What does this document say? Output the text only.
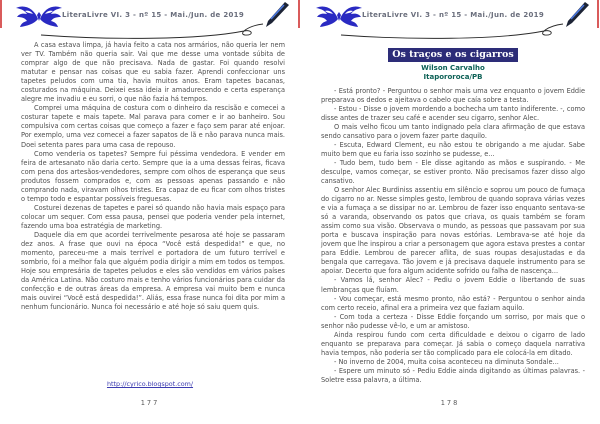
LiteraLivre VI. 3 - nº 15 - Mai./Jun. de 2019

A casa estava limpa, já havia feito a cata nos armários, não queria ler nem ver TV. Também não queria sair. Vai que me desse uma vontade súbita de comprar algo de que não precisava. Nada de gastar. Foi quando resolvi matutar e pensar nas coisas que eu sabia fazer. Aprendi confeccionar uns tapetes peludos com uma tia, havia muitos anos. Eram tapetes bacanas, costurados na máquina. Deixei essa ideia ir amadurecendo e certa esperança alegre me invadiu e eu sorri, o que não fazia há tempos.

Comprei uma máquina de costura com o dinheiro da rescisão e comecei a costurar tapete e mais tapete. Mal parava para comer e ir ao banheiro. Sou compulsiva com certas coisas que começo a fazer e faço sem parar até enjoar. Por exemplo, uma vez comecei a fazer sapatos de lã e não parava nunca mais. Doei setenta pares para uma casa de repouso.

Como venderia os tapetes? Sempre fui péssima vendedora. E vender em feira de artesanato não daria certo. Sempre que ia a uma dessas feiras, ficava com pena dos artesãos-vendedores, sempre com olhos de esperança que seus produtos fossem comprados e, com as pessoas apenas passando e não comprando nada, viravam olhos tristes. Era capaz de eu ficar com olhos tristes o tempo todo e espantar possíveis freguesas.

Costurei dezenas de tapetes e parei só quando não havia mais espaço para colocar um sequer. Com essa pausa, pensei que poderia vender pela internet, fazendo uma boa estratégia de marketing.

Daquele dia em que acordei terrivelmente pesarosa até hoje se passaram dez anos. A frase que ouvi na época “Você está despedida!” e que, no momento, pareceu-me a mais terrível e portadora de um futuro terrível e sombrio, foi a melhor fala que alguém podia dirigir a mim em todos os tempos. Hoje sou empresária de tapetes peludos e eles são vendidos em vários países da América Latina. Não costuro mais e tenho vários funcionários para cuidar da confecção e de outras áreas da empresa. A empresa vai muito bem e nunca mais ouvirei “Você está despedida!”. Aliás, essa frase nunca foi dita por mim a nenhum funcionário. Nunca foi necessário e até hoje só saiu quem quis.

http://cyrico.blogspot.com/
177
LiteraLivre VI. 3 - nº 15 - Mai./Jun. de 2019
Os traços e os cigarros
Wilson Carvalho
Itapororoca/PB

- Está pronto? - Perguntou o senhor mais uma vez enquanto o jovem Eddie preparava os dedos e ajeitava o cabelo que caía sobre a testa.

- Estou - Disse o jovem mordendo a bochecha um tanto indiferente. -, como disse antes de trazer seu café e acender seu cigarro, senhor Alec.

O mais velho ficou um tanto indignado pela clara afirmação de que estava sendo cansativo para o jovem fazer parte daquilo.

- Escuta, Edward Clement, eu não estou te obrigando a me ajudar. Sabe muito bem que eu faria isso sozinho se pudesse, e...

- Tudo bem, tudo bem - Ele disse agitando as mãos e suspirando. - Me desculpe, vamos começar, se estiver pronto. Não precisamos fazer disso algo cansativo.

O senhor Alec Burdiniss assentiu em silêncio e soprou um pouco de fumaça do cigarro no ar. Nesse simples gesto, lembrou de quando soprava várias vezes e via a fumaça a se dissipar no ar. Lembrou de fazer isso enquanto sentava-se só a varanda, observando os patos que criava, os quais também se foram assim como sua visão. Observava o mundo, as pessoas que passavam por sua porta e buscava inspiração para novas estórias. Lembrava-se até hoje da jovem que lhe inspirou a criar a personagem que agora estava prestes a contar para Eddie. Lembrou de parecer aflita, de suas roupas desajustadas e da bengala que carregava. Tão jovem e já precisava daquele instrumento para se apoiar. Decerto que fora algum acidente sofrido ou falha de nascença...

- Vamos lá, senhor Alec? - Pediu o jovem Eddie o libertando de suas lembranças que fluíam.

- Vou começar, está mesmo pronto, não está? - Perguntou o senhor ainda com certo receio, afinal era a primeira vez que faziam aquilo.

- Com toda a certeza - Disse Eddie forçando um sorriso, por mais que o senhor não pudesse vê-lo, e um ar amistoso.

Ainda respirou fundo com certa dificuldade e deixou o cigarro de lado enquanto se preparava para começar. Já sabia o começo daquela narrativa havia tempos, não poderia ser tão complicado para ele colocá-la em ditado.

- No inverno de 2004, muita coisa aconteceu na diminuta Sondale...

- Espere um minuto só - Pediu Eddie ainda digitando as últimas palavras. - Soletre essa palavra, a última.

178
